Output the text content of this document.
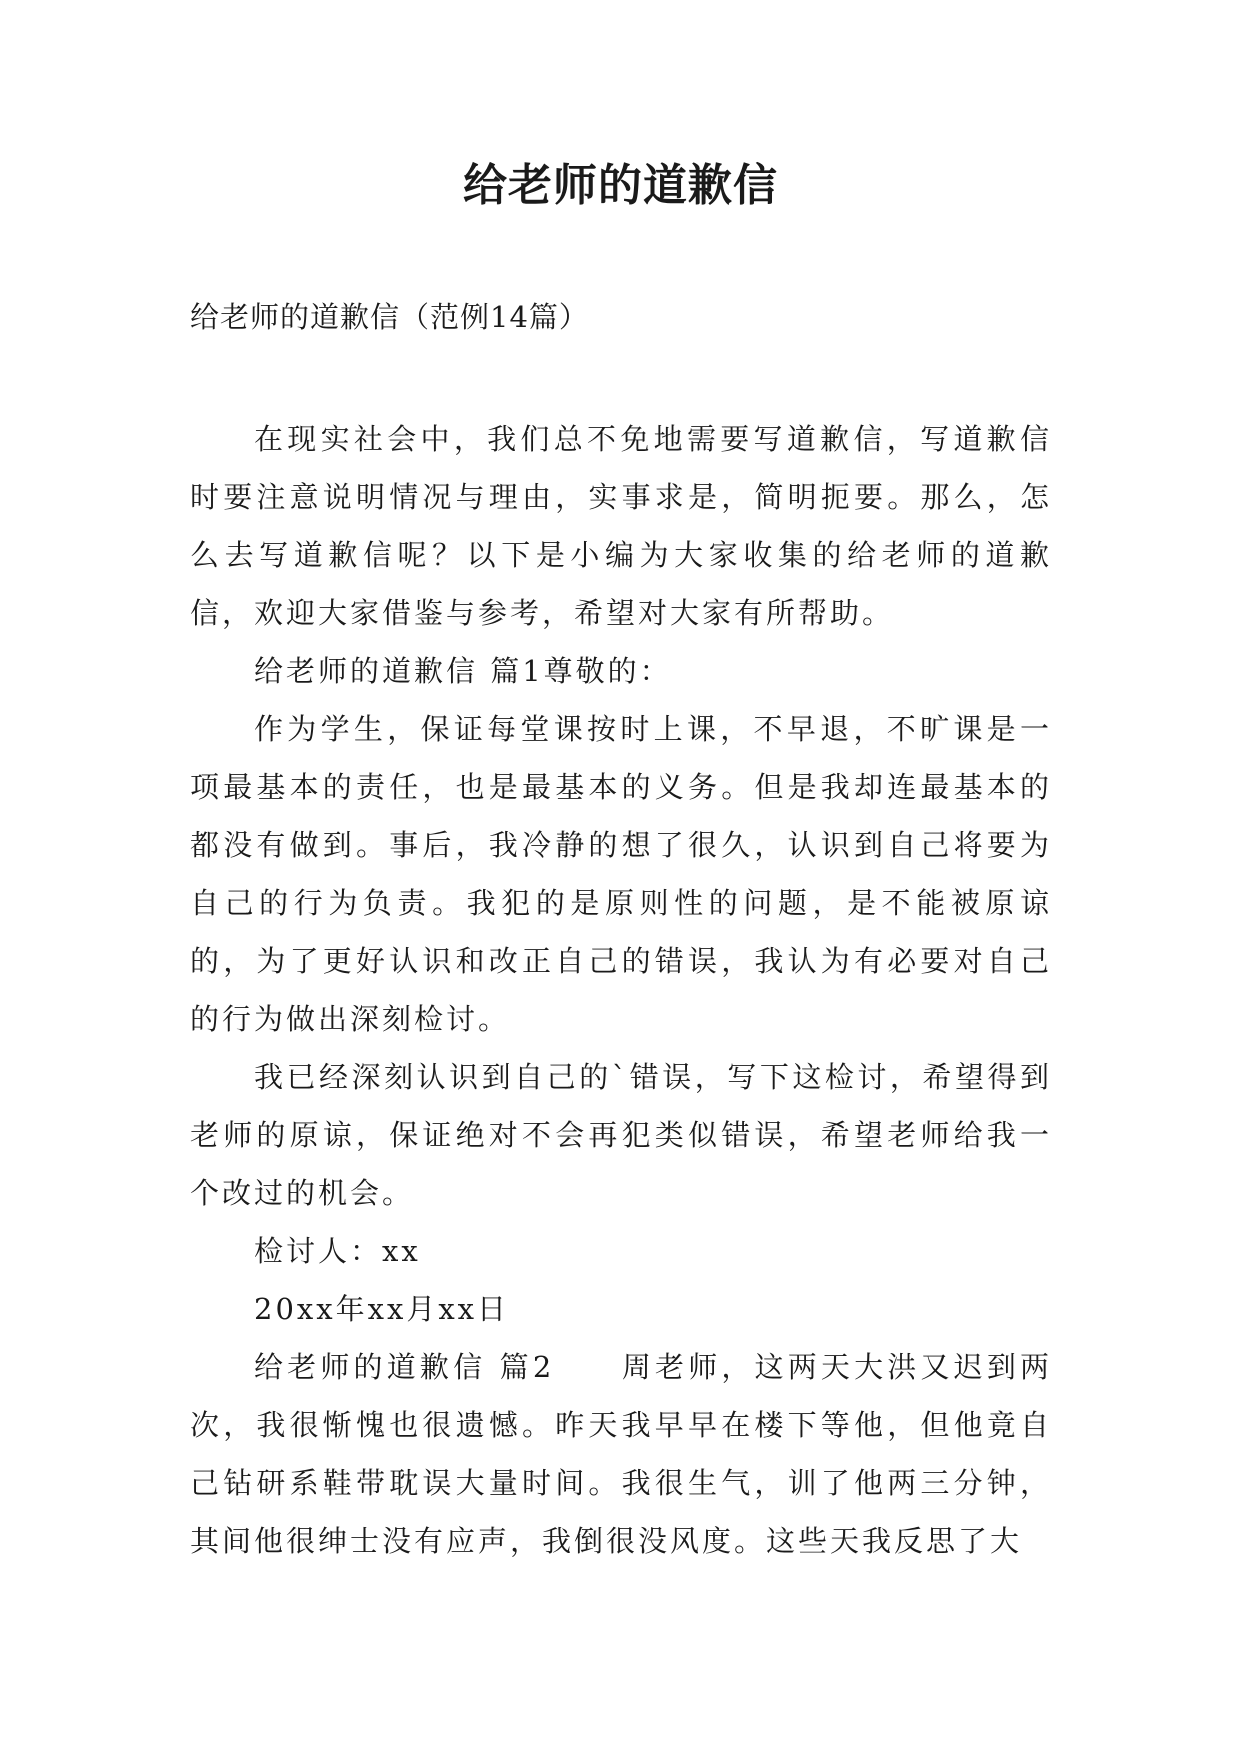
给老师的道歉信
给老师的道歉信（范例14篇）

在现实社会中，我们总不免地需要写道歉信，写道歉信时要注意说明情况与理由，实事求是，简明扼要。那么，怎么去写道歉信呢？以下是小编为大家收集的给老师的道歉信，欢迎大家借鉴与参考，希望对大家有所帮助。

给老师的道歉信 篇1尊敬的：

作为学生，保证每堂课按时上课，不早退，不旷课是一项最基本的责任，也是最基本的义务。但是我却连最基本的都没有做到。事后，我冷静的想了很久，认识到自己将要为自己的行为负责。我犯的是原则性的问题，是不能被原谅的，为了更好认识和改正自己的错误，我认为有必要对自己的行为做出深刻检讨。

我已经深刻认识到自己的`错误，写下这检讨，希望得到老师的原谅，保证绝对不会再犯类似错误，希望老师给我一个改过的机会。

检讨人：xx

20xx年xx月xx日

给老师的道歉信 篇2　　周老师，这两天大洪又迟到两次，我很惭愧也很遗憾。昨天我早早在楼下等他，但他竟自己钻研系鞋带耽误大量时间。我很生气，训了他两三分钟，其间他很绅士没有应声，我倒很没风度。这些天我反思了大
